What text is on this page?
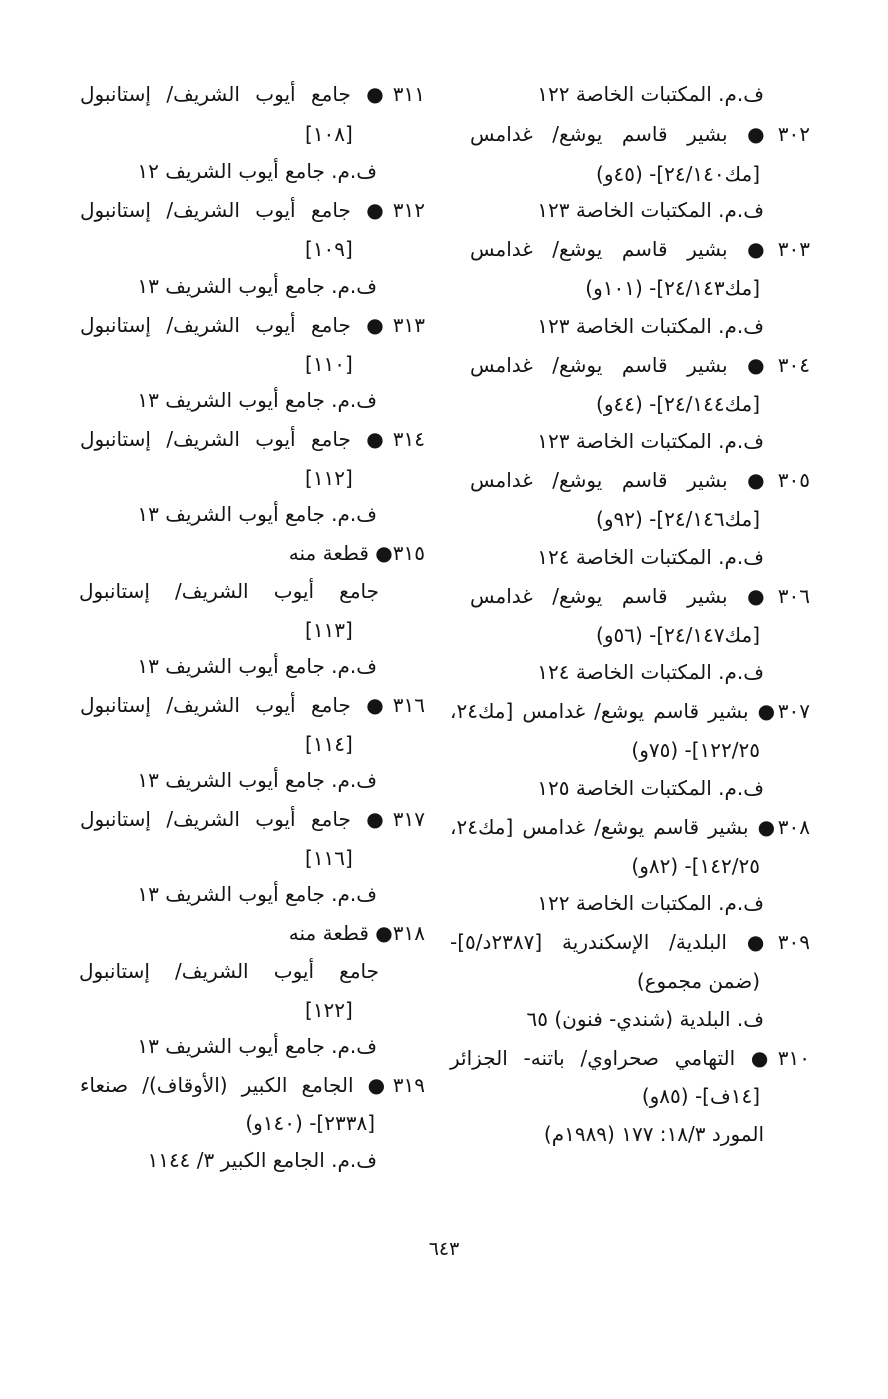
ف.م. المكتبات الخاصة ١٢٢
٣٠٢● بشير قاسم يوشع/ غدامس
[مك٢٤/١٤٠]- (٤٥و)
ف.م. المكتبات الخاصة ١٢٣
٣٠٣● بشير قاسم يوشع/ غدامس
[مك٢٤/١٤٣]- (١٠١و)
ف.م. المكتبات الخاصة ١٢٣
٣٠٤● بشير قاسم يوشع/ غدامس
[مك٢٤/١٤٤]- (٤٤و)
ف.م. المكتبات الخاصة ١٢٣
٣٠٥● بشير قاسم يوشع/ غدامس
[مك٢٤/١٤٦]- (٩٢و)
ف.م. المكتبات الخاصة ١٢٤
٣٠٦● بشير قاسم يوشع/ غدامس
[مك٢٤/١٤٧]- (٥٦و)
ف.م. المكتبات الخاصة ١٢٤
٣٠٧● بشير قاسم يوشع/ غدامس [مك٢٤،
١٢٢/٢٥]- (٧٥و)
ف.م. المكتبات الخاصة ١٢٥
٣٠٨● بشير قاسم يوشع/ غدامس [مك٢٤،
١٤٢/٢٥]- (٨٢و)
ف.م. المكتبات الخاصة ١٢٢
٣٠٩● البلدية/ الإسكندرية [٢٣٨٧د/٥]-
(ضمن مجموع)
ف. البلدية (شندي- فنون) ٦٥
٣١٠● التهامي صحراوي/ باتنه- الجزائر
[١٤ف]- (٨٥و)
المورد ١٨/٣: ١٧٧ (١٩٨٩م)
٣١١● جامع أيوب الشريف/ إستانبول
[١٠٨]
ف.م. جامع أيوب الشريف ١٢
٣١٢● جامع أيوب الشريف/ إستانبول
[١٠٩]
ف.م. جامع أيوب الشريف ١٣
٣١٣● جامع أيوب الشريف/ إستانبول
[١١٠]
ف.م. جامع أيوب الشريف ١٣
٣١٤● جامع أيوب الشريف/ إستانبول
[١١٢]
ف.م. جامع أيوب الشريف ١٣
٣١٥● قطعة منه
جامع أيوب الشريف/ إستانبول
[١١٣]
ف.م. جامع أيوب الشريف ١٣
٣١٦● جامع أيوب الشريف/ إستانبول
[١١٤]
ف.م. جامع أيوب الشريف ١٣
٣١٧● جامع أيوب الشريف/ إستانبول
[١١٦]
ف.م. جامع أيوب الشريف ١٣
٣١٨● قطعة منه
جامع أيوب الشريف/ إستانبول
[١٢٢]
ف.م. جامع أيوب الشريف ١٣
٣١٩● الجامع الكبير (الأوقاف)/ صنعاء
[٢٣٣٨]- (١٤٠و)
ف.م. الجامع الكبير ٣/ ١١٤٤
٦٤٣
